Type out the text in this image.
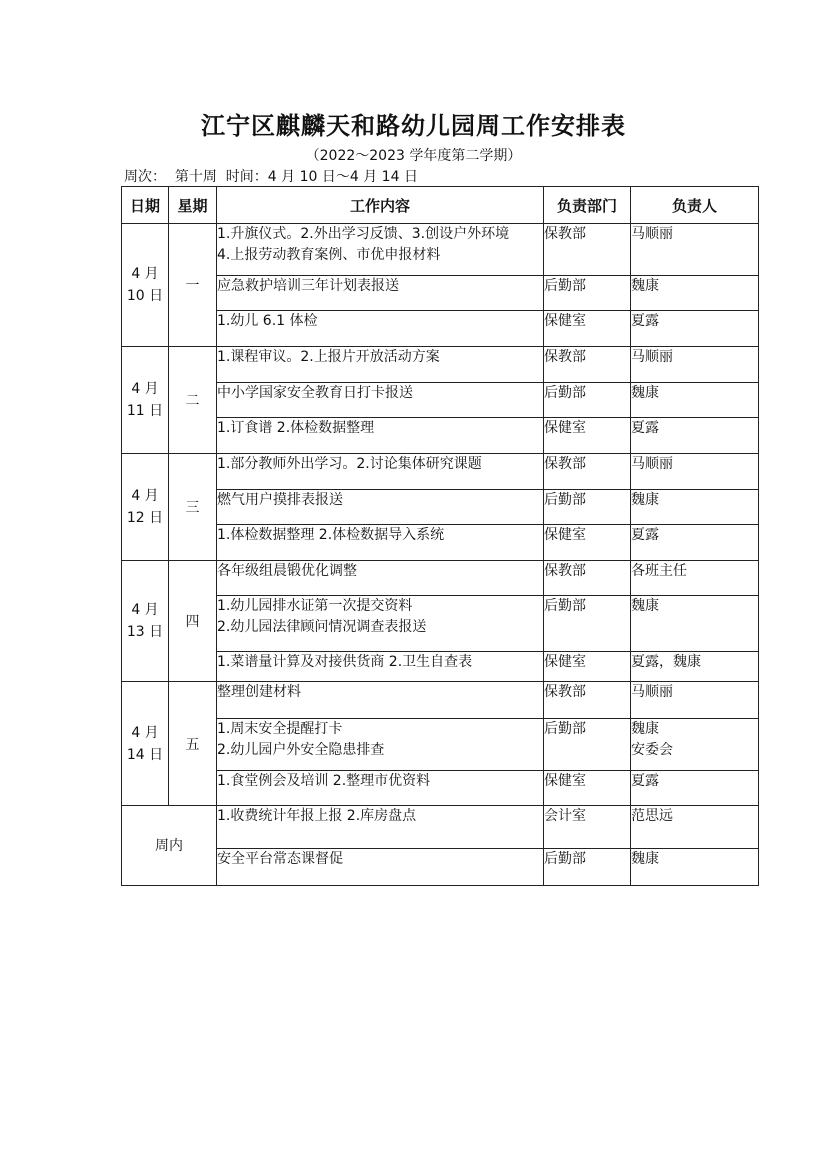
江宁区麒麟天和路幼儿园周工作安排表
（2022～2023 学年度第二学期）
周次：  第十周  时间：4 月 10 日～4 月 14 日
日期	星期	工作内容	负责部门	负责人

4 月
10 日	一	1.升旗仪式。2.外出学习反馈、3.创设户外环境
4.上报劳动教育案例、市优申报材料	保教部	马顺丽

		应急救护培训三年计划表报送	后勤部	魏康

		1.幼儿 6.1 体检	保健室	夏露

4 月
11 日	二	1.课程审议。2.上报片开放活动方案	保教部	马顺丽

		中小学国家安全教育日打卡报送	后勤部	魏康

		1.订食谱 2.体检数据整理	保健室	夏露

4 月
12 日	三	1.部分教师外出学习。2.讨论集体研究课题	保教部	马顺丽

		燃气用户摸排表报送	后勤部	魏康

		1.体检数据整理 2.体检数据导入系统	保健室	夏露

4 月
13 日	四	各年级组晨锻优化调整	保教部	各班主任

		1.幼儿园排水证第一次提交资料
2.幼儿园法律顾问情况调查表报送	后勤部	魏康

		1.菜谱量计算及对接供货商 2.卫生自查表	保健室	夏露，魏康

4 月
14 日	五	整理创建材料	保教部	马顺丽

		1.周末安全提醒打卡
2.幼儿园户外安全隐患排查	后勤部	魏康
安委会

		1.食堂例会及培训 2.整理市优资料	保健室	夏露

周内		1.收费统计年报上报 2.库房盘点	会计室	范思远

		安全平台常态课督促	后勤部	魏康
